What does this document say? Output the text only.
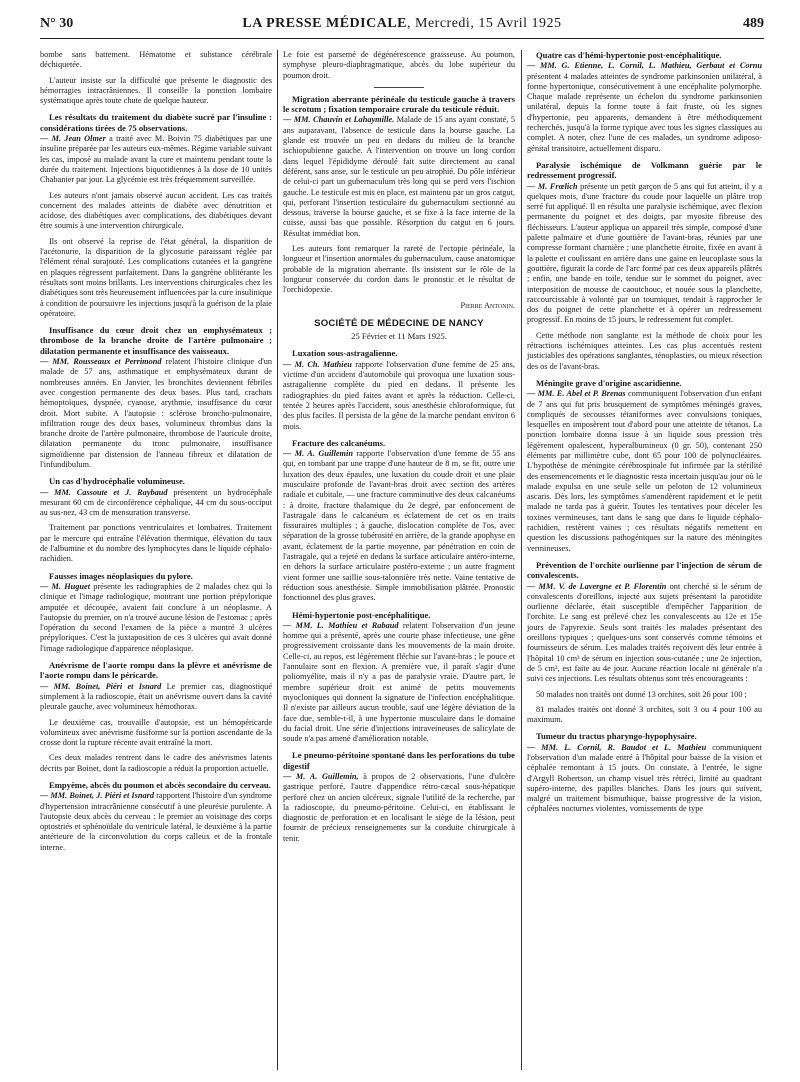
N° 30	LA PRESSE MÉDICALE, Mercredi, 15 Avril 1925	489

bombe sans battement. Hématome et substance cérébrale déchiquetée.

L'auteur insiste sur la difficulté que présente le diagnostic des hémorragies intracrâniennes. Il conseille la ponction lombaire systématique après toute chute de quelque hauteur.

Les résultats du traitement du diabète sucré par l'insuline : considérations tirées de 75 observations.

— M. Jean Olmer a traité avec M. Boivin 75 diabétiques par une insuline préparée par les auteurs eux-mêmes. Régime variable suivant les cas, imposé au malade avant la cure et maintenu pendant toute la durée du traitement. Injections biquotidiennes à la dose de 10 unités Chabanier par jour. La glycémie est très fréquemment surveillée.

Les auteurs n'ont jamais observé aucun accident. Les cas traités concernent des malades atteints de diabète avec dénutrition et acidose, des diabétiques avec complications, des diabétiques devant être soumis à une intervention chirurgicale.

Ils ont observé la reprise de l'état général, la disparition de l'acétonurie, la disparition de la glycosurie paraissant réglée par l'élément rénal surajouté. Les complications cutanées et la gangrène en plaques régressent parfaitement. Dans la gangrène oblitérante les résultats sont moins brillants. Les interventions chirurgicales chez les diabétiques sont très heureusement influencées par la cure insulinique à condition de poursuivre les injections jusqu'à la guérison de la plaie opératoire.

Insuffisance du cœur droit chez un emphysémateux ; thrombose de la branche droite de l'artère pulmonaire ; dilatation permanente et insuffisance des vaisseaux.

— MM. Rousseaux et Perrimond relatent l'histoire clinique d'un malade de 57 ans, asthmatique et emphysémateux durant de nombreuses années. En Janvier, les bronchites deviennent fébriles avec congestion permanente des deux bases. Plus tard, crachats hémoptoïques, dyspnée, cyanose, arythmie, insuffisance du cœur droit. Mort subite. A l'autopsie : sclérose broncho-pulmonaire, infiltration rouge des deux bases, volumineux thrombus dans la branche droite de l'artère pulmonaire, thrombose de l'auricule droite, dilatation permanente du tronc pulmonaire, insuffisance sigmoïdienne par distension de l'anneau fibreux et dilatation de l'infundibulum.

Un cas d'hydrocéphalie volumineuse.

— MM. Cassoute et J. Raybaud présentent un hydrocéphale mesurant 60 cm de circonférence céphalique, 44 cm du sous-occiput au sus-nez, 43 cm de mensuration transverse.

Traitement par ponctions ventriculaires et lombaires. Traitement par le mercure qui entraîne l'élévation thermique, élévation du taux de l'albumine et du nombre des lymphocytes dans le liquide céphalo-rachidien.

Fausses images néoplasiques du pylore.

— M. Huguet présente les radiographies de 2 malades chez qui la clinique et l'image radiologique, montrant une portion prépylorique amputée et découpée, avaient fait conclure à un néoplasme. A l'autopsie du premier, on n'a trouvé aucune lésion de l'estomac ; après l'opération du second l'examen de la pièce a montré 3 ulcères prépyloriques. C'est la juxtaposition de ces 3 ulcères qui avait donné l'image radiologique d'apparence néoplasique.

Anévrisme de l'aorte rompu dans la plèvre et anévrisme de l'aorte rompu dans le péricarde.

— MM. Boinet, Piéri et Isnard Le premier cas, diagnostiqué simplement à la radioscopie, était un anévrisme ouvert dans la cavité pleurale gauche, avec volumineux hémothorax.

Le deuxième cas, trouvaille d'autopsie, est un hémopéricarde volumineux avec anévrisme fusiforme sur la portion ascendante de la crosse dont la rupture récente avait entraîné la mort.

Ces deux malades rentrent dans le cadre des anévrismes latents décrits par Boinet, dont la radioscopie a réduit la proportion actuelle.

Empyème, abcès du poumon et abcès secondaire du cerveau.

— MM. Boinet, J. Piéri et Isnard rapportent l'histoire d'un syndrome d'hypertension intracrânienne consécutif à une pleurésie purulente. A l'autopsie deux abcès du cerveau : le premier au voisinage des corps optostriés et sphénoïdale du ventricule latéral, le deuxième à la partie antérieure de la circonvolution du corps calleux et de la frontale interne.

Le foie est parsemé de dégénérescence graisseuse. Au poumon, symphyse pleuro-diaphragmatique, abcès du lobe supérieur du poumon droit.

Migration aberrante périnéale du testicule gauche à travers le scrotum ; fixation temporaire crurale du testicule réduit.

— MM. Chauvin et Lahaymille. Malade de 15 ans ayant constaté, 5 ans auparavant, l'absence de testicule dans la bourse gauche. La glande est trouvée un peu en dedans du milieu de la branche ischiopubienne gauche. A l'intervention on trouve un long cordon dans lequel l'épididyme déroulé fait suite directement au canal déférent, sans anse, sur le testicule un peu atrophié. Du pôle inférieur de celui-ci part un gubernaculum très long qui se perd vers l'ischion gauche. Le testicule est mis en place, est maintenu par un gros catgut, qui, perforant l'insertion testiculaire du gubernaculum sectionné au dessous, traverse la bourse gauche, et se fixe à la face interne de la cuisse, aussi bas que possible. Résorption du catgut en 6 jours. Résultat immédiat bon.

Les auteurs font remarquer la rareté de l'ectopie périnéale, la longueur et l'insertion anormales du gubernaculum, cause anatomique probable de la migration aberrante. Ils insistent sur le rôle de la longueur conservée du cordon dans le pronostic et le résultat de l'orchidopexie.

Pierre Antonin.
SOCIÉTÉ DE MÉDECINE DE NANCY
25 Février et 11 Mars 1925.
Luxation sous-astragalienne.

— M. Ch. Mathieu rapporte l'observation d'une femme de 25 ans, victime d'un accident d'automobile qui provoqua une luxation sous-astragalienne complète du pied en dedans. Il présente les radiographies du pied faites avant et après la réduction. Celle-ci, tentée 2 heures après l'accident, sous anesthésie chloroformique, fut des plus faciles. Il persista de la gêne de la marche pendant environ 6 mois.

Fracture des calcanéums.

— M. A. Guillemin rapporte l'observation d'une femme de 55 ans qui, en tombant par une trappe d'une hauteur de 8 m, se fit, outre une luxation des deux épaules, une luxation du coude droit et une plaie musculaire profonde de l'avant-bras droit avec section des artères radiale et cubitale, — une fracture comminutive des deux calcanéums : à droite, fracture thalamique du 2e degré, par enfoncement de l'astragale dans le calcanéum et éclatement de cet os en traits fissuraires multiples ; à gauche, dislocation complète de l'os, avec séparation de la grosse tubérosité en arrière, de la grande apophyse en avant, éclatement de la partie moyenne, par pénétration en coin de l'astragale, qui a rejeté en dedans la surface articulaire antéro-interne, en dehors la surface articulaire postéro-externe ; un autre fragment vient former une saillie sous-talonnière très nette. Vaine tentative de réduction sous anesthésie. Simple immobilisation plâtrée. Pronostic fonctionnel des plus graves.

Hémi-hypertonie post-encéphalitique.

— MM. L. Mathieu et Rabaud relatent l'observation d'un jeune homme qui a présenté, après une courte phase infectieuse, une gêne progressivement croissante dans les mouvements de la main droite. Celle-ci, au repos, est légèrement fléchie sur l'avant-bras ; le pouce et l'annulaire sont en flexion. A première vue, il paraît s'agir d'une poliomyélite, mais il n'y a pas de paralysie vraie. D'autre part, le membre supérieur droit est animé de petits mouvements myocloniques qui donnent la signature de l'infection encéphalitique. Il n'existe par ailleurs aucun trouble, sauf une légère déviation de la face due, semble-t-il, à une hypertonie musculaire dans le domaine du facial droit. Une série d'injections intraveineuses de salicylate de soude n'a pas amené d'amélioration notable.

Le pneumo-péritoine spontané dans les perforations du tube digestif

— M. A. Guillemin, à propos de 2 observations, l'une d'ulcère gastrique perforé, l'autre d'appendice rétro-cæcal sous-hépatique perforé chez un ancien ulcéreux, signale l'utilité de la recherche, par la radioscopie, du pneumo-péritoine. Celui-ci, en établissant le diagnostic de perforation et en localisant le siège de la lésion, peut fournir de précieux renseignements sur la conduite chirurgicale à tenir.

Quatre cas d'hémi-hypertonie post-encéphalitique.

— MM. G. Etienne, L. Cornil, L. Mathieu, Gerbaut et Cornu présentent 4 malades atteintes de syndrome parkinsonien unilatéral, à forme hypertonique, consécutivement à une encéphalite polymorphe. Chaque malade représente un échelon du syndrome parkinsonien unilatéral, depuis la forme toute à fait fruste, où les signes d'hypertonie, peu apparents, demandent à être méthodiquement recherchés, jusqu'à la forme typique avec tous les signes classiques au complet. A noter, chez l'une de ces malades, un syndrome adiposo-génital transitoire, actuellement disparu.

Paralysie ischémique de Volkmann guérie par le redressement progressif.

— M. Frœlich présente un petit garçon de 5 ans qui fut atteint, il y a quelques mois, d'une fracture du coude pour laquelle un plâtre trop serré fut appliqué. Il en résulta une paralysie ischémique, avec flexion permanente du poignet et des doigts, par myosite fibreuse des fléchisseurs. L'auteur appliqua un appareil très simple, composé d'une palette palmaire et d'une gouttière de l'avant-bras, réunies par une compresse formant charnière ; une planchette étroite, fixée en avant à la palette et coulissant en arrière dans une gaine en leucoplaste sous la gouttière, figurait la corde de l'arc formé par ces deux appareils plâtrés ; enfin, une bande en toile, tendue sur le sommet du poignet, avec interposition de mousse de caoutchouc, et nouée sous la planchette, raccourcissable à volonté par un tourniquet, tendait à rapprocher le dos du poignet de cette planchette et à opérer un redressement progressif. En moins de 15 jours, le redressement fut complet.

Cette méthode non sanglante est la méthode de choix pour les rétractions ischémiques atteintes. Les cas plus accentués restent justiciables des opérations sanglantes, ténoplasties, ou mieux résection des os de l'avant-bras.

Méningite grave d'origine ascaridienne.

— MM. E. Abel et P. Brenas communiquent l'observation d'un enfant de 7 ans qui fut pris brusquement de symptômes méningés graves, compliqués de secousses tétaniformes avec convulsions toniques, lesquelles en imposèrent tout d'abord pour une atteinte de tétanos. La ponction lombaire donna issue à un liquide sous pression très légèrement opalescent, hyperalbumineux (0 gr. 50), contenant 250 éléments par millimètre cube, dont 65 pour 100 de polynucléaires. L'hypothèse de méningite cérébrospinale fut infirmée par la stérilité des ensemencements et le diagnostic resta incertain jusqu'au jour où le malade expulsa en une seule selle un peloton de 12 volumineux ascaris. Dès lors, les symptômes s'amendèrent rapidement et le petit malade ne tarda pas à guérir. Toutes les tentatives pour déceler les toxines vermineuses, tant dans le sang que dans le liquide céphalo-rachidien, restèrent vaines ; ces résultats négatifs remettent en question les discussions pathogéniques sur la nature des méningites vermineuses.

Prévention de l'orchite ourlienne par l'injection de sérum de convalescents.

— MM. V. de Lavergne et P. Florentin ont cherché si le sérum de convalescents d'oreillons, injecté aux sujets présentant la parotidite ourlienne déclarée, était susceptible d'empêcher l'apparition de l'orchite. Le sang est prélevé chez les convalescents au 12e et 15e jours de l'apyrexie. Seuls sont traités les malades présentant des oreillons typiques ; quelques-uns sont conservés comme témoins et fournisseurs de sérum. Les malades traités reçoivent dès leur entrée à l'hôpital 10 cm³ de sérum en injection sous-cutanée ; une 2e injection, de 5 cm³, est faite au 4e jour. Aucune réaction locale ni générale n'a suivi ces injections. Les résultats obtenus sont très encourageants :

50 malades non traités ont donné 13 orchites, soit 26 pour 100 ;

81 malades traités ont donné 3 orchites, soit 3 ou 4 pour 100 au maximum.

Tumeur du tractus pharyngo-hypophysaire.

— MM. L. Cornil, R. Baudot et L. Mathieu communiquent l'observation d'un malade entré à l'hôpital pour baisse de la vision et céphalée remontant à 15 jours. On constate, à l'entrée, le signe d'Argyll Robertson, un champ visuel très rétréci, limité au quadrant supéro-interne, des papilles blanches. Dans les jours qui suivent, malgré un traitement bismuthique, baisse progressive de la vision, céphalées nocturnes violentes, vomissements de type
